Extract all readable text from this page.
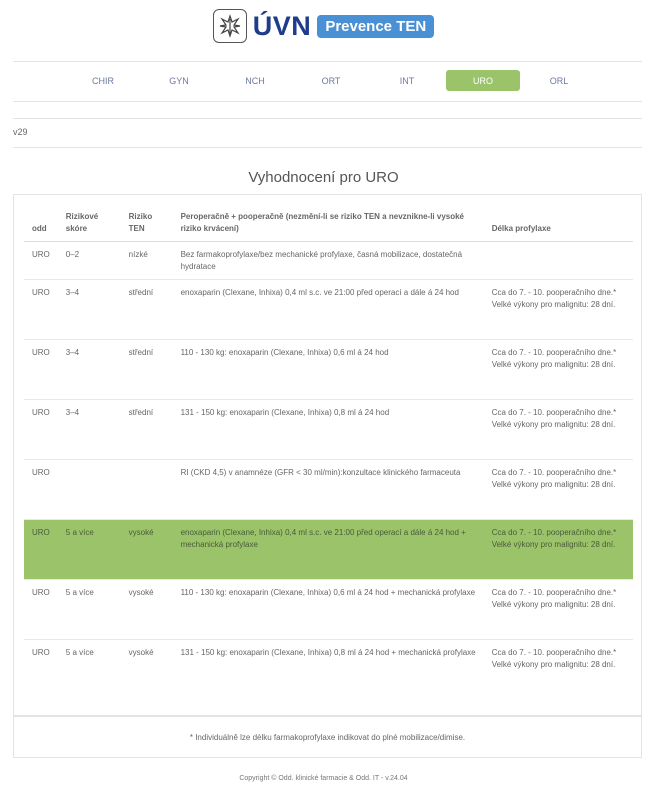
ÚVN Prevence TEN
CHIR	GYN	NCH	ORT	INT	URO	ORL
v29
Vyhodnocení pro URO
odd	Rizikové skóre	Riziko TEN	Peroperačně + pooperačně (nezmění-li se riziko TEN a nevznikne-li vysoké riziko krvácení)	Délka profylaxe
URO	0–2	nízké	Bez farmakoprofylaxe/bez mechanické profylaxe, časná mobilizace, dostatečná hydratace	
URO	3–4	střední	enoxaparin (Clexane, Inhixa) 0,4 ml s.c. ve 21:00 před operací a dále á 24 hod	Cca do 7. - 10. pooperačního dne.* Velké výkony pro malignitu: 28 dní.
URO	3–4	střední	110 - 130 kg: enoxaparin (Clexane, Inhixa) 0,6 ml á 24 hod	Cca do 7. - 10. pooperačního dne.* Velké výkony pro malignitu: 28 dní.
URO	3–4	střední	131 - 150 kg: enoxaparin (Clexane, Inhixa) 0,8 ml á 24 hod	Cca do 7. - 10. pooperačního dne.* Velké výkony pro malignitu: 28 dní.
URO			RI (CKD 4,5) v anamnéze (GFR < 30 ml/min):konzultace klinického farmaceuta	Cca do 7. - 10. pooperačního dne.* Velké výkony pro malignitu: 28 dní.
URO	5 a více	vysoké	enoxaparin (Clexane, Inhixa) 0,4 ml s.c. ve 21:00 před operací a dále á 24 hod + mechanická profylaxe	Cca do 7. - 10. pooperačního dne.* Velké výkony pro malignitu: 28 dní.
URO	5 a více	vysoké	110 - 130 kg: enoxaparin (Clexane, Inhixa) 0,6 ml á 24 hod + mechanická profylaxe	Cca do 7. - 10. pooperačního dne.* Velké výkony pro malignitu: 28 dní.
URO	5 a více	vysoké	131 - 150 kg: enoxaparin (Clexane, Inhixa) 0,8 ml á 24 hod + mechanická profylaxe	Cca do 7. - 10. pooperačního dne.* Velké výkony pro malignitu: 28 dní.
* Individuálně lze délku farmakoprofylaxe indikovat do plné mobilizace/dimise.
Copyright © Odd. klinické farmacie & Odd. IT - v.24.04
